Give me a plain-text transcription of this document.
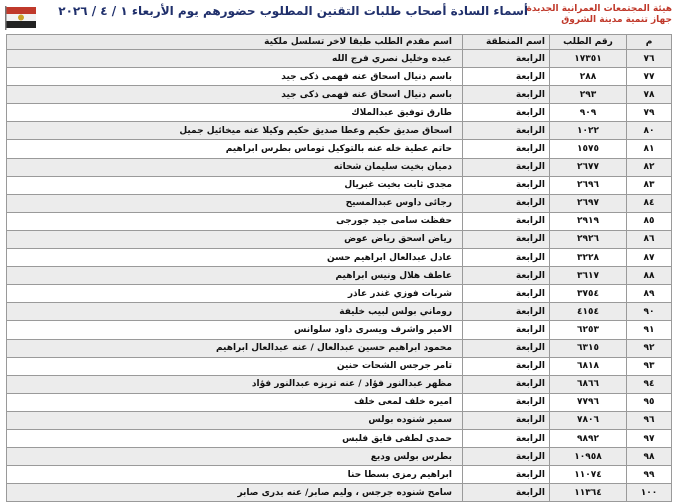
أسماء السادة أصحاب طلبات التقنين المطلوب حضورهم يوم الأربعاء ١ / ٤ / ٢٠٢٦
هيئة المجتمعات العمرانية الجديدة
جهاز تنمية مدينة الشروق
م	رقم الطلب	اسم المنطقة	اسم مقدم الطلب طبقا لاخر تسلسل ملكية
٧٦	١٧٣٥١	الرابعة	عبده وخليل نصري فرج الله
٧٧	٢٨٨	الرابعة	باسم دنيال اسحاق عنه فهمى ذكى جيد
٧٨	٢٩٣	الرابعة	باسم دنيال اسحاق عنه فهمى ذكى جيد
٧٩	٩٠٩	الرابعة	طارق توفيق عبدالملاك
٨٠	١٠٢٢	الرابعة	اسحاق صديق حكيم وعطا صديق حكيم وكيلا عنه ميخائيل جميل
٨١	١٥٧٥	الرابعة	حاتم عطية خله عنه بالتوكيل توماس بطرس ابراهيم
٨٢	٢٦٧٧	الرابعة	دميان بخيت سليمان شحاته
٨٣	٢٦٩٦	الرابعة	مجدى ثابت بخيت غبريال
٨٤	٢٦٩٧	الرابعة	رجائى داوس عبدالمسيح
٨٥	٢٩١٩	الرابعة	حفظت سامى جيد جورجى
٨٦	٢٩٢٦	الرابعة	رياض اسحق رياض عوض
٨٧	٣٢٢٨	الرابعة	عادل عبدالعال ابراهيم حسن
٨٨	٣٦١٧	الرابعة	عاطف هلال ونيس ابراهيم
٨٩	٣٧٥٤	الرابعة	شربات فوزي غندر عاذر
٩٠	٤١٥٤	الرابعة	روماني بولس لبيب خليفة
٩١	٦٢٥٣	الرابعة	الامير واشرف ويسرى داود سلوانس
٩٢	٦٣١٥	الرابعة	محمود ابراهيم حسين عبدالعال / عنه عبدالعال ابراهيم
٩٣	٦٨١٨	الرابعة	تامر جرجس الشحات حنين
٩٤	٦٨٦٦	الرابعة	مظهر عبدالنور فؤاد / عنه تريزه عبدالنور فؤاد
٩٥	٧٧٩٦	الرابعة	اميره خلف لمعى خلف
٩٦	٧٨٠٦	الرابعة	سمير شنوده بولس
٩٧	٩٨٩٢	الرابعة	حمدى لطفى فايق فلبس
٩٨	١٠٩٥٨	الرابعة	بطرس بولس وديع
٩٩	١١٠٧٤	الرابعة	ابراهيم رمزى بسطا حنا
١٠٠	١١٣٦٤	الرابعة	سامح شنوده جرجس ، وليم صابر/ عنه بدرى صابر
